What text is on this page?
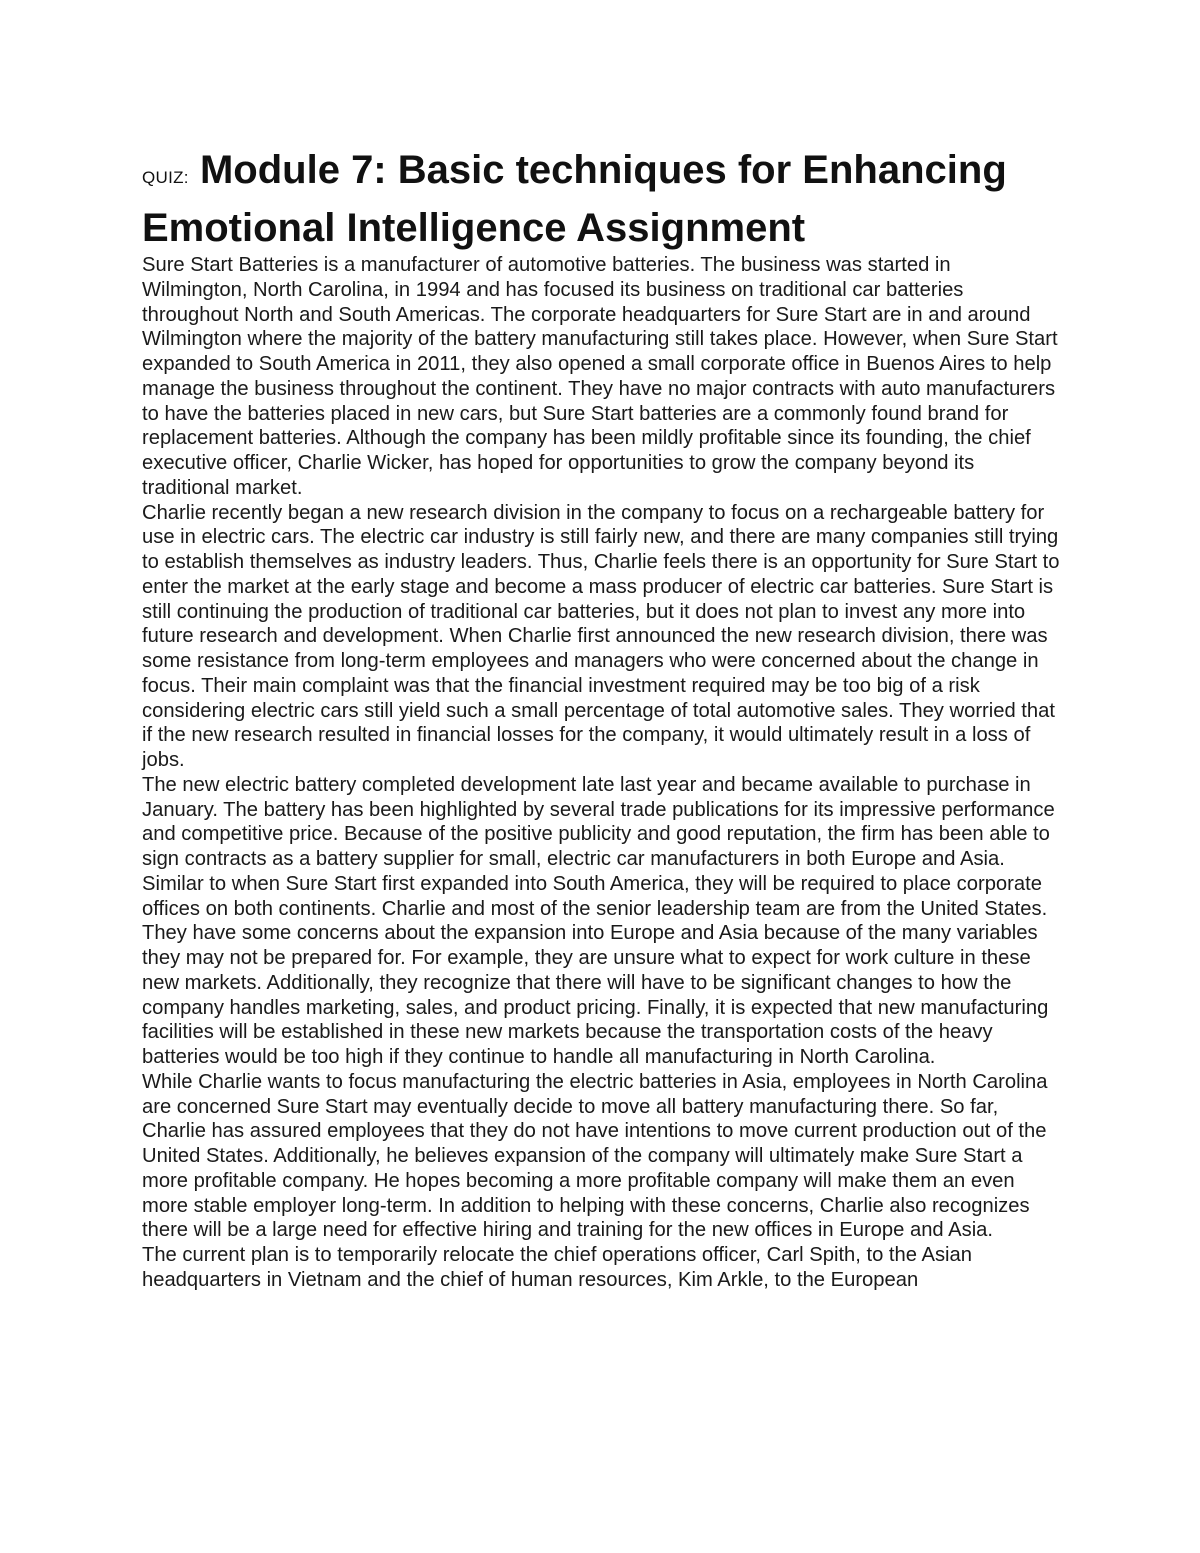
QUIZ: Module 7: Basic techniques for Enhancing Emotional Intelligence Assignment

Sure Start Batteries is a manufacturer of automotive batteries. The business was started in Wilmington, North Carolina, in 1994 and has focused its business on traditional car batteries throughout North and South Americas. The corporate headquarters for Sure Start are in and around Wilmington where the majority of the battery manufacturing still takes place. However, when Sure Start expanded to South America in 2011, they also opened a small corporate office in Buenos Aires to help manage the business throughout the continent. They have no major contracts with auto manufacturers to have the batteries placed in new cars, but Sure Start batteries are a commonly found brand for replacement batteries. Although the company has been mildly profitable since its founding, the chief executive officer, Charlie Wicker, has hoped for opportunities to grow the company beyond its traditional market.

Charlie recently began a new research division in the company to focus on a rechargeable battery for use in electric cars. The electric car industry is still fairly new, and there are many companies still trying to establish themselves as industry leaders. Thus, Charlie feels there is an opportunity for Sure Start to enter the market at the early stage and become a mass producer of electric car batteries. Sure Start is still continuing the production of traditional car batteries, but it does not plan to invest any more into future research and development. When Charlie first announced the new research division, there was some resistance from long-term employees and managers who were concerned about the change in focus. Their main complaint was that the financial investment required may be too big of a risk considering electric cars still yield such a small percentage of total automotive sales. They worried that if the new research resulted in financial losses for the company, it would ultimately result in a loss of jobs.

The new electric battery completed development late last year and became available to purchase in January. The battery has been highlighted by several trade publications for its impressive performance and competitive price. Because of the positive publicity and good reputation, the firm has been able to sign contracts as a battery supplier for small, electric car manufacturers in both Europe and Asia. Similar to when Sure Start first expanded into South America, they will be required to place corporate offices on both continents. Charlie and most of the senior leadership team are from the United States. They have some concerns about the expansion into Europe and Asia because of the many variables they may not be prepared for. For example, they are unsure what to expect for work culture in these new markets. Additionally, they recognize that there will have to be significant changes to how the company handles marketing, sales, and product pricing. Finally, it is expected that new manufacturing facilities will be established in these new markets because the transportation costs of the heavy batteries would be too high if they continue to handle all manufacturing in North Carolina.

While Charlie wants to focus manufacturing the electric batteries in Asia, employees in North Carolina are concerned Sure Start may eventually decide to move all battery manufacturing there. So far, Charlie has assured employees that they do not have intentions to move current production out of the United States. Additionally, he believes expansion of the company will ultimately make Sure Start a more profitable company. He hopes becoming a more profitable company will make them an even more stable employer long-term. In addition to helping with these concerns, Charlie also recognizes there will be a large need for effective hiring and training for the new offices in Europe and Asia.

The current plan is to temporarily relocate the chief operations officer, Carl Spith, to the Asian headquarters in Vietnam and the chief of human resources, Kim Arkle, to the European
